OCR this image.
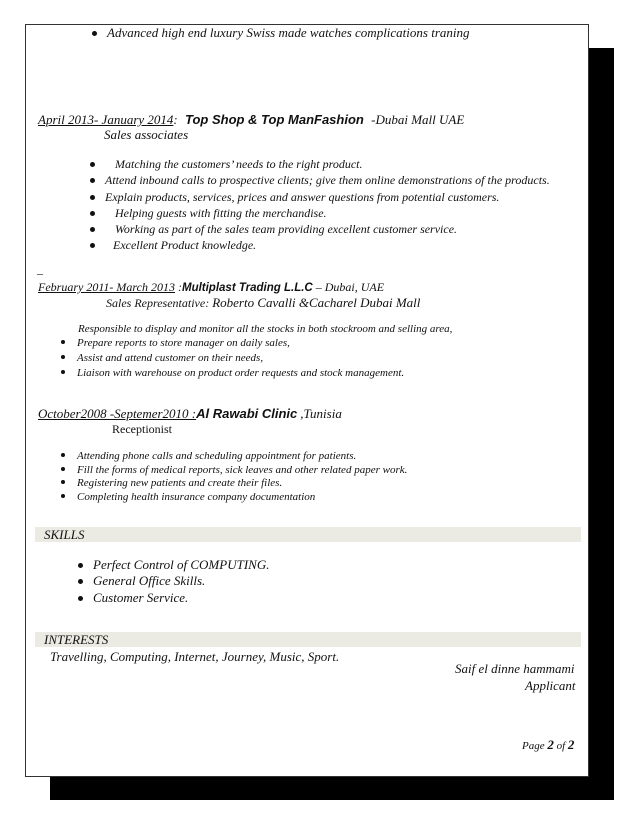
Advanced high end luxury Swiss made watches complications traning
April 2013- January 2014: Top Shop & Top ManFashion -Dubai Mall UAE
Sales associates
Matching the customers’ needs to the right product.
Attend inbound calls to prospective clients; give them online demonstrations of the products.
Explain products, services, prices and answer questions from potential customers.
Helping guests with fitting the merchandise.
Working as part of the sales team providing excellent customer service.
Excellent Product knowledge.
_
February 2011- March 2013 :Multiplast Trading L.L.C – Dubai, UAE
Sales Representative: Roberto Cavalli &Cacharel Dubai Mall
Responsible to display and monitor all the stocks in both stockroom and selling area,
Prepare reports to store manager on daily sales,
Assist and attend customer on their needs,
Liaison with warehouse on product order requests and stock management.
October2008 -Septemer2010 :Al Rawabi Clinic ,Tunisia
Receptionist
Attending phone calls and scheduling appointment for patients.
Fill the forms of medical reports, sick leaves and other related paper work.
Registering new patients and create their files.
Completing health insurance company documentation
SKILLS
Perfect Control of COMPUTING.
General Office Skills.
Customer Service.
INTERESTS
Travelling, Computing, Internet, Journey, Music, Sport.
Saif el dinne hammami
Applicant
Page 2 of 2
